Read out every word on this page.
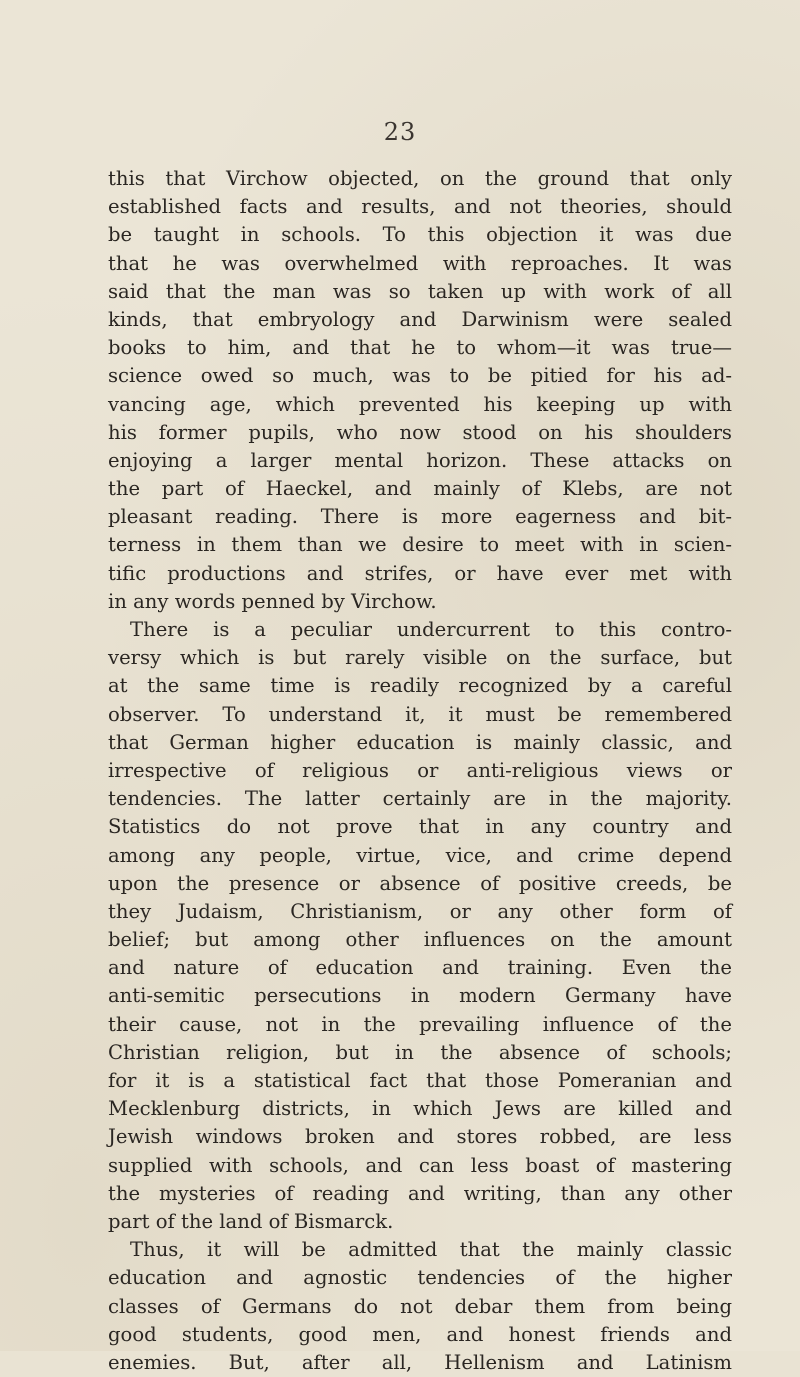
23
this that Virchow objected, on the ground that only
established facts and results, and not theories, should
be taught in schools. To this objection it was due
that he was overwhelmed with reproaches. It was
said that the man was so taken up with work of all
kinds, that embryology and Darwinism were sealed
books to him, and that he to whom—it was true—
science owed so much, was to be pitied for his ad-
vancing age, which prevented his keeping up with
his former pupils, who now stood on his shoulders
enjoying a larger mental horizon. These attacks on
the part of Haeckel, and mainly of Klebs, are not
pleasant reading. There is more eagerness and bit-
terness in them than we desire to meet with in scien-
tific productions and strifes, or have ever met with
in any words penned by Virchow.
There is a peculiar undercurrent to this contro-
versy which is but rarely visible on the surface, but
at the same time is readily recognized by a careful
observer. To understand it, it must be remembered
that German higher education is mainly classic, and
irrespective of religious or anti-religious views or
tendencies. The latter certainly are in the majority.
Statistics do not prove that in any country and
among any people, virtue, vice, and crime depend
upon the presence or absence of positive creeds, be
they Judaism, Christianism, or any other form of
belief; but among other influences on the amount
and nature of education and training. Even the
anti-semitic persecutions in modern Germany have
their cause, not in the prevailing influence of the
Christian religion, but in the absence of schools;
for it is a statistical fact that those Pomeranian and
Mecklenburg districts, in which Jews are killed and
Jewish windows broken and stores robbed, are less
supplied with schools, and can less boast of mastering
the mysteries of reading and writing, than any other
part of the land of Bismarck.
Thus, it will be admitted that the mainly classic
education and agnostic tendencies of the higher
classes of Germans do not debar them from being
good students, good men, and honest friends and
enemies. But, after all, Hellenism and Latinism
